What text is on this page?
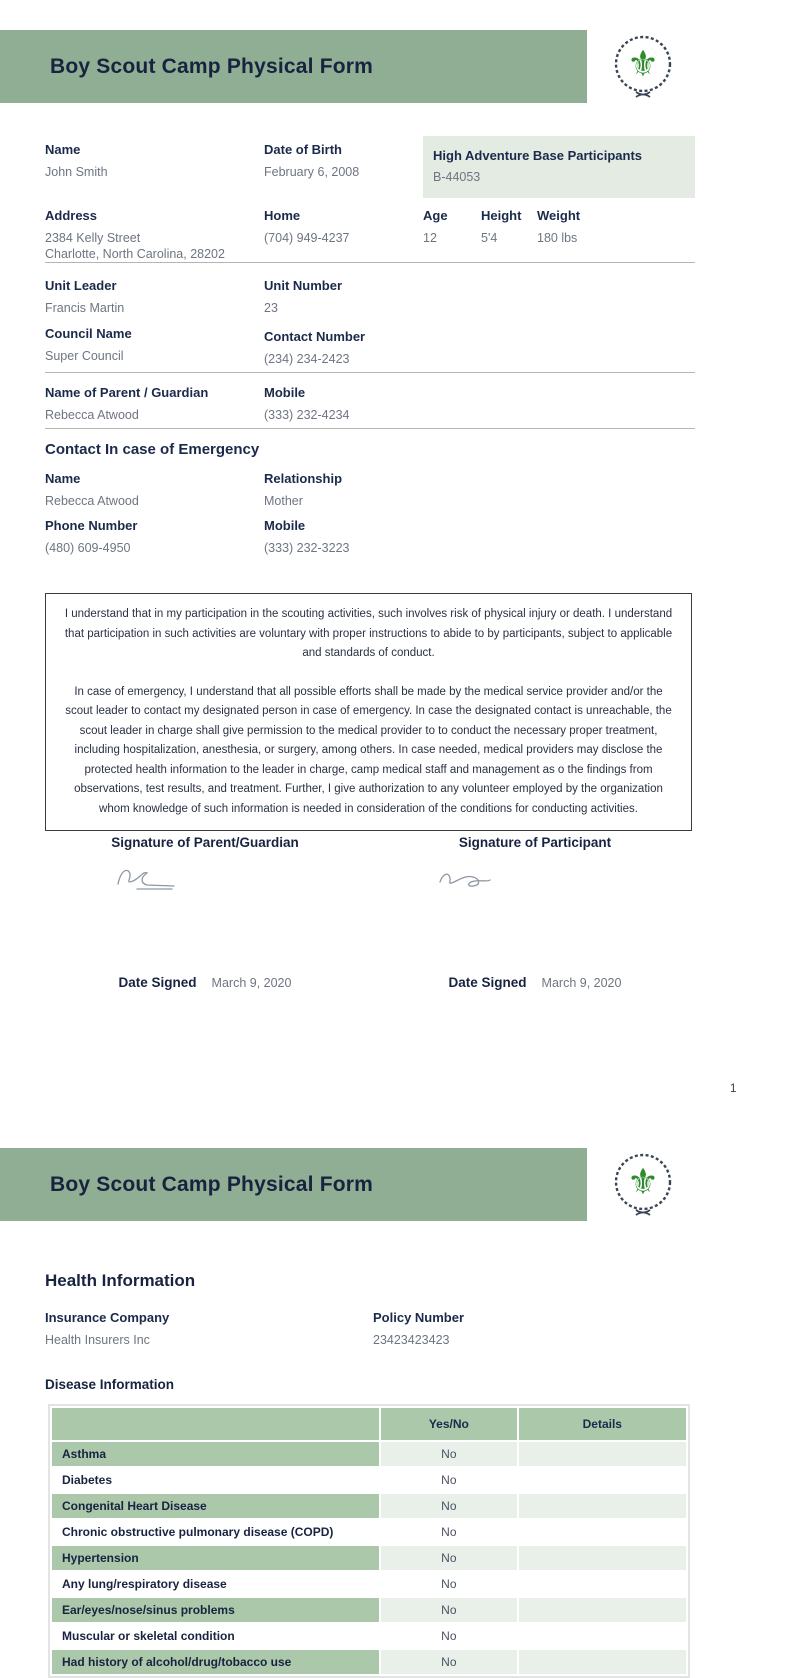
Boy Scout Camp Physical Form	⚜
Name
John Smith
Date of Birth
February 6, 2008
High Adventure Base Participants
B-44053
Address
2384 Kelly Street
Charlotte, North Carolina, 28202
Home
(704) 949-4237
Age
12
Height
5'4
Weight
180 lbs
Unit Leader
Francis Martin
Unit Number
23
Council Name
Super Council
Contact Number
(234) 234-2423
Name of Parent / Guardian
Rebecca Atwood
Mobile
(333) 232-4234
Contact In case of Emergency
Name
Rebecca Atwood
Relationship
Mother
Phone Number
(480) 609-4950
Mobile
(333) 232-3223

I understand that in my participation in the scouting activities, such involves risk of physical injury or death. I understand that participation in such activities are voluntary with proper instructions to abide to by participants, subject to applicable and standards of conduct.

In case of emergency, I understand that all possible efforts shall be made by the medical service provider and/or the scout leader to contact my designated person in case of emergency. In case the designated contact is unreachable, the scout leader in charge shall give permission to the medical provider to to conduct the necessary proper treatment, including hospitalization, anesthesia, or surgery, among others. In case needed, medical providers may disclose the protected health information to the leader in charge, camp medical staff and management as o the findings from observations, test results, and treatment. Further, I give authorization to any volunteer employed by the organization whom knowledge of such information is needed in consideration of the conditions for conducting activities.

Signature of Parent/Guardian	Signature of Participant
Date Signed March 9, 2020	Date Signed March 9, 2020
1
Boy Scout Camp Physical Form	⚜
Health Information
Insurance Company
Health Insurers Inc
Policy Number
23423423423
Disease Information
	Yes/No	Details
Asthma	No	
Diabetes	No	
Congenital Heart Disease	No	
Chronic obstructive pulmonary disease (COPD)	No	
Hypertension	No	
Any lung/respiratory disease	No	
Ear/eyes/nose/sinus problems	No	
Muscular or skeletal condition	No	
Had history of alcohol/drug/tobacco use	No	
